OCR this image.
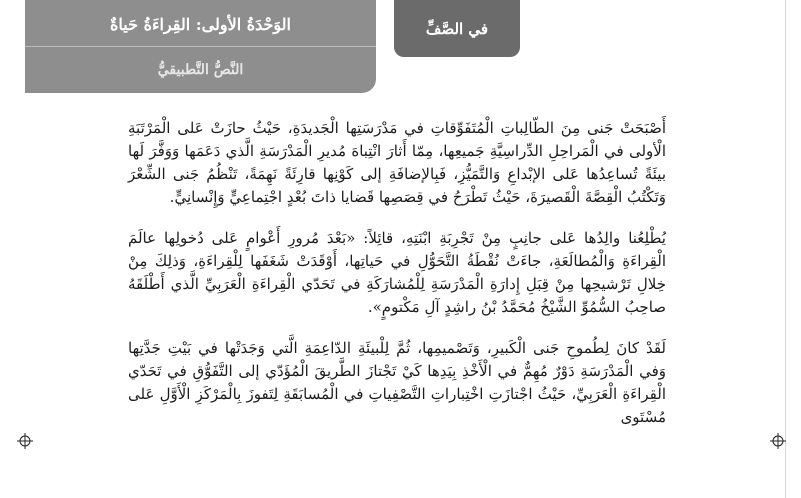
الوَحْدَةُ الأولى: القِراءَةُ حَياةٌ
النَّصُّ التَّطبيقيُّ
في الصَّفِّ

أَصْبَحَتْ جَنى مِنَ الطّالِباتِ الْمُتَفَوِّقاتِ في مَدْرَسَتِها الْجَديدَةِ، حَيْثُ حازَتْ عَلى الْمَرْتَبَةِ الْأولى في الْمَراحِلِ الدِّراسِيَّةِ جَميعِها، مِمّا أَثارَ انْتِباهَ مُديرِ الْمَدْرَسَةِ الَّذي دَعَمَها وَوَفَّرَ لَها بيئَةً تُساعِدُها عَلى الإبْداعِ وَالتَّمَيُّزِ، فَبِالإضافَةِ إلى كَوْنِها قارِئَةً نَهِمَةً، تَنْظُمُ جَنى الشِّعْرَ وَتَكْتُبُ الْقِصَّةَ الْقَصيرَةَ، حَيْثُ تَطْرَحُ في قِصَصِها قَضايا ذاتَ بُعْدٍ اجْتِماعِيٍّ وَإِنْسانِيٍّ.

يُطْلِعُنا والِدُها عَلى جانِبٍ مِنْ تَجْرِبَةِ ابْنَتِهِ، قائِلاً: «بَعْدَ مُرورِ أَعْوامٍ عَلى دُخولِها عالَمَ الْقِراءَةِ وَالْمُطالَعَةِ، جاءَتْ نُقْطَةُ التَّحَوُّلِ في حَياتِها، أَوْقَدَتْ شَغَفَها لِلْقِراءَةِ، وَذلِكَ مِنْ خِلالِ تَرْشيحِها مِنْ قِبَلِ إِدارَةِ الْمَدْرَسَةِ لِلْمُشارَكَةِ في تَحَدّي الْقِراءَةِ الْعَرَبِيِّ الَّذي أَطْلَقَهُ صاحِبُ السُّمُوِّ الشَّيْخُ مُحَمَّدُ بْنُ راشِدٍ آلِ مَكْتومٍ».

لَقَدْ كانَ لِطُموحِ جَنى الْكَبيرِ، وَتَصْميمِها، ثُمَّ لِلْبيئَةِ الدّاعِمَةِ الَّتي وَجَدَتْها في بَيْتِ جَدَّتِها وَفي الْمَدْرَسَةِ دَوْرٌ مُهِمٌّ في الْأَخْذِ بِيَدِها كَيْ تَجْتازَ الطَّريقَ الْمُؤَدّي إلى التَّفَوُّقِ في تَحَدّي الْقِراءَةِ الْعَرَبِيِّ، حَيْثُ اجْتازَتِ اخْتِباراتِ التَّصْفِياتِ في الْمُسابَقَةِ لِتَفوزَ بِالْمَرْكَزِ الْأَوَّلِ عَلى مُسْتَوى
